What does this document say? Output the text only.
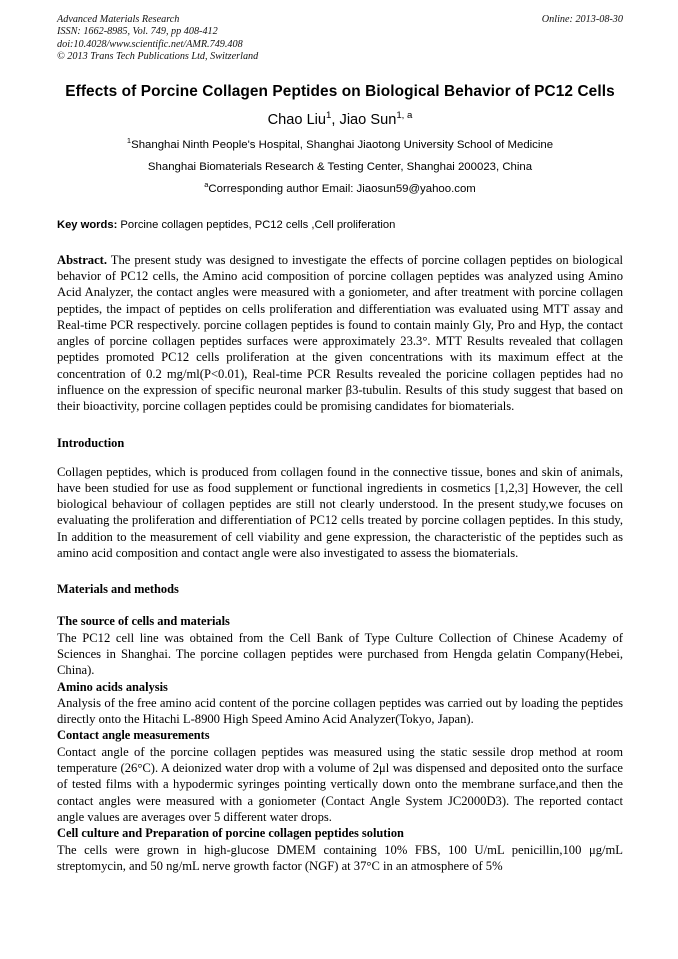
Advanced Materials Research
ISSN: 1662-8985, Vol. 749, pp 408-412
doi:10.4028/www.scientific.net/AMR.749.408
© 2013 Trans Tech Publications Ltd, Switzerland
Online: 2013-08-30
Effects of Porcine Collagen Peptides on Biological Behavior of PC12 Cells
Chao Liu$^1$, Jiao Sun$^{1, a}$
$^1$Shanghai Ninth People's Hospital, Shanghai Jiaotong University School of Medicine
Shanghai Biomaterials Research & Testing Center, Shanghai 200023, China
$^a$Corresponding author Email: Jiaosun59@yahoo.com
Key words: Porcine collagen peptides, PC12 cells ,Cell proliferation

Abstract. The present study was designed to investigate the effects of porcine collagen peptides on biological behavior of PC12 cells, the Amino acid composition of porcine collagen peptides was analyzed using Amino Acid Analyzer, the contact angles were measured with a goniometer, and after treatment with porcine collagen peptides, the impact of peptides on cells proliferation and differentiation was evaluated using MTT assay and Real-time PCR respectively. porcine collagen peptides is found to contain mainly Gly, Pro and Hyp, the contact angles of porcine collagen peptides surfaces were approximately 23.3°. MTT Results revealed that collagen peptides promoted PC12 cells proliferation at the given concentrations with its maximum effect at the concentration of 0.2 mg/ml(P<0.01), Real-time PCR Results revealed the poricine collagen peptides had no influence on the expression of specific neuronal marker β3-tubulin. Results of this study suggest that based on their bioactivity, porcine collagen peptides could be promising candidates for biomaterials.

Introduction

Collagen peptides, which is produced from collagen found in the connective tissue, bones and skin of animals, have been studied for use as food supplement or functional ingredients in cosmetics [1,2,3] However, the cell biological behaviour of collagen peptides are still not clearly understood. In the present study,we focuses on evaluating the proliferation and differentiation of PC12 cells treated by porcine collagen peptides. In this study, In addition to the measurement of cell viability and gene expression, the characteristic of the peptides such as amino acid composition and contact angle were also investigated to assess the biomaterials.

Materials and methods
The source of cells and materials

The PC12 cell line was obtained from the Cell Bank of Type Culture Collection of Chinese Academy of Sciences in Shanghai. The porcine collagen peptides were purchased from Hengda gelatin Company(Hebei, China).

Amino acids analysis

Analysis of the free amino acid content of the porcine collagen peptides was carried out by loading the peptides directly onto the Hitachi L-8900 High Speed Amino Acid Analyzer(Tokyo, Japan).

Contact angle measurements

Contact angle of the porcine collagen peptides was measured using the static sessile drop method at room temperature (26°C). A deionized water drop with a volume of 2μl was dispensed and deposited onto the surface of tested films with a hypodermic syringes pointing vertically down onto the membrane surface,and then the contact angles were measured with a goniometer (Contact Angle System JC2000D3). The reported contact angle values are averages over 5 different water drops.

Cell culture and Preparation of porcine collagen peptides solution

The cells were grown in high-glucose DMEM containing 10% FBS, 100 U/mL penicillin,100 μg/mL streptomycin, and 50 ng/mL nerve growth factor (NGF) at 37°C in an atmosphere of 5%
